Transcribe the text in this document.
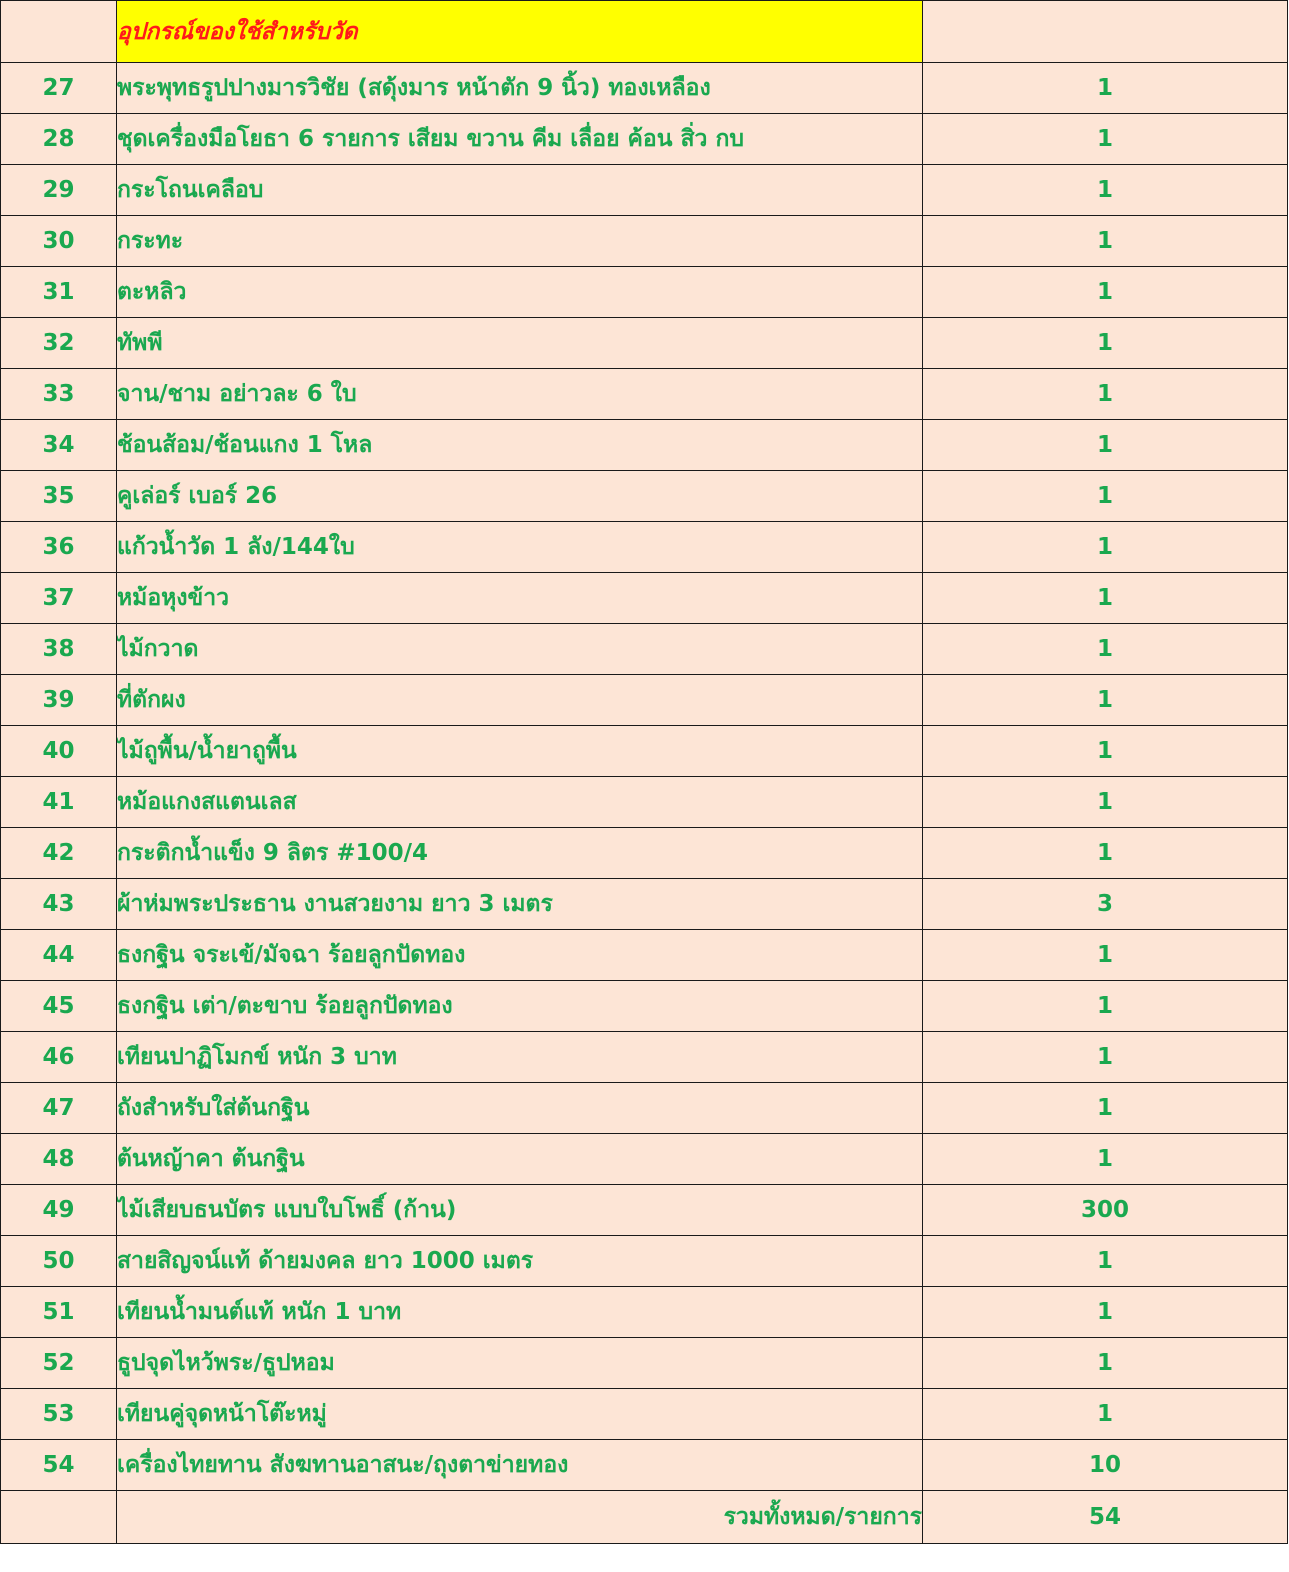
	อุปกรณ์ของใช้สำหรับวัด	
27	พระพุทธรูปปางมารวิชัย (สดุ้งมาร หน้าตัก 9 นิ้ว) ทองเหลือง	1
28	ชุดเครื่องมือโยธา 6 รายการ เสียม ขวาน คีม เลื่อย ค้อน สิ่ว กบ	1
29	กระโถนเคลือบ	1
30	กระทะ	1
31	ตะหลิว	1
32	ทัพพี	1
33	จาน/ชาม อย่าวละ 6 ใบ	1
34	ช้อนส้อม/ช้อนแกง 1 โหล	1
35	คูเล่อร์ เบอร์ 26	1
36	แก้วน้ำวัด 1 ลัง/144ใบ	1
37	หม้อหุงข้าว	1
38	ไม้กวาด	1
39	ที่ตักผง	1
40	ไม้ถูพื้น/น้ำยาถูพื้น	1
41	หม้อแกงสแตนเลส	1
42	กระติกน้ำแข็ง 9 ลิตร #100/4	1
43	ผ้าห่มพระประธาน งานสวยงาม ยาว 3 เมตร	3
44	ธงกฐิน จระเข้/มัจฉา ร้อยลูกปัดทอง	1
45	ธงกฐิน เต่า/ตะขาบ ร้อยลูกปัดทอง	1
46	เทียนปาฏิโมกข์ หนัก 3 บาท	1
47	ถังสำหรับใส่ต้นกฐิน	1
48	ต้นหญ้าคา ต้นกฐิน	1
49	ไม้เสียบธนบัตร แบบใบโพธิ์ (ก้าน)	300
50	สายสิญจน์แท้ ด้ายมงคล ยาว 1000 เมตร	1
51	เทียนน้ำมนต์แท้ หนัก 1 บาท	1
52	ธูปจุดไหว้พระ/ธูปหอม	1
53	เทียนคู่จุดหน้าโต๊ะหมู่	1
54	เครื่องไทยทาน สังฆทานอาสนะ/ถุงตาข่ายทอง	10
	รวมทั้งหมด/รายการ	54
